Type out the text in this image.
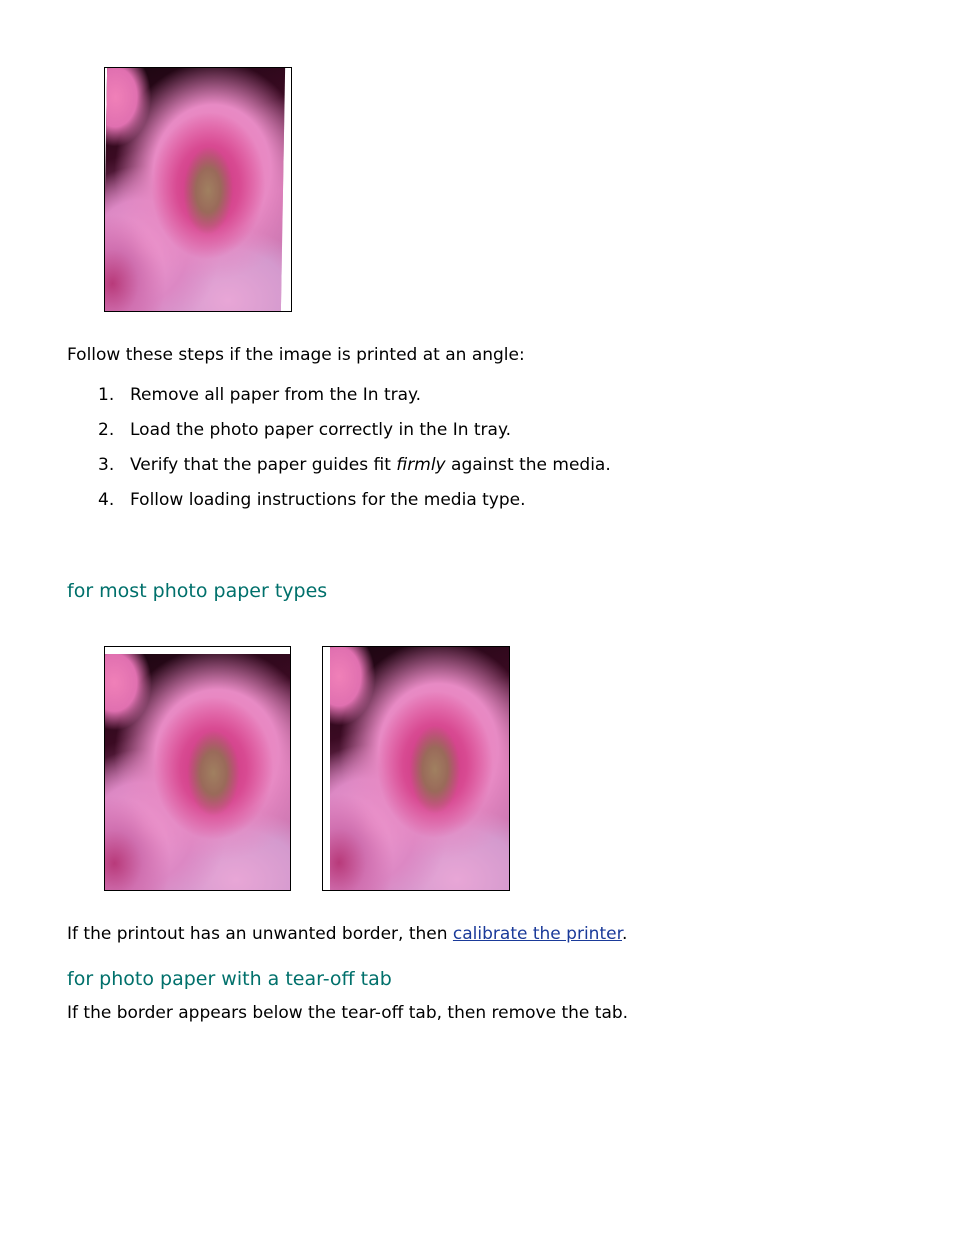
Follow these steps if the image is printed at an angle:
1. Remove all paper from the In tray.
2. Load the photo paper correctly in the In tray.
3. Verify that the paper guides fit firmly against the media.
4. Follow loading instructions for the media type.
for most photo paper types
If the printout has an unwanted border, then calibrate the printer.
for photo paper with a tear-off tab
If the border appears below the tear-off tab, then remove the tab.
